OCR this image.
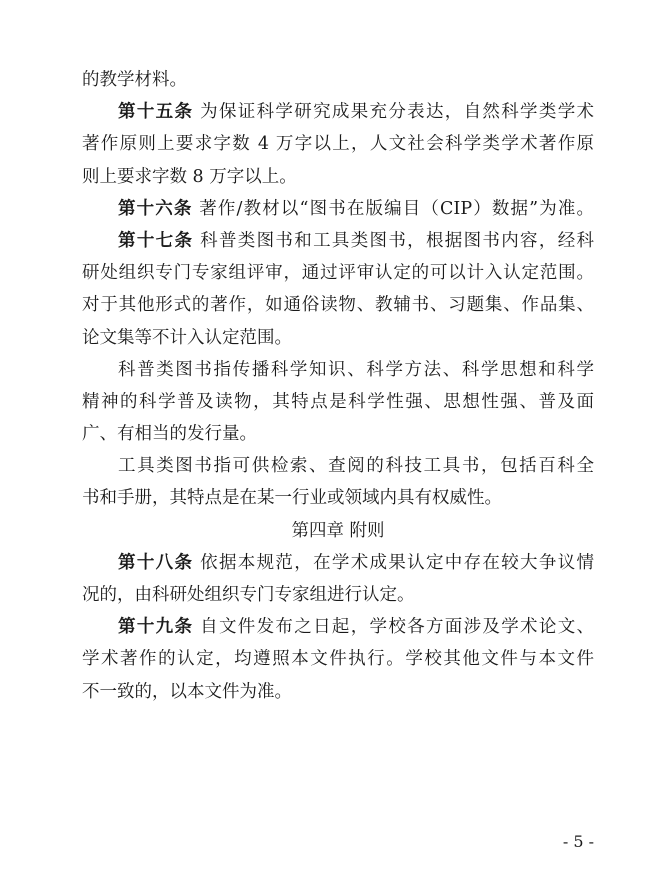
的教学材料。
第十五条 为保证科学研究成果充分表达，自然科学类学术
著作原则上要求字数 4 万字以上，人文社会科学类学术著作原
则上要求字数 8 万字以上。
第十六条 著作/教材以“图书在版编目（CIP）数据”为准。
第十七条 科普类图书和工具类图书，根据图书内容，经科
研处组织专门专家组评审，通过评审认定的可以计入认定范围。
对于其他形式的著作，如通俗读物、教辅书、习题集、作品集、
论文集等不计入认定范围。
科普类图书指传播科学知识、科学方法、科学思想和科学
精神的科学普及读物，其特点是科学性强、思想性强、普及面
广、有相当的发行量。
工具类图书指可供检索、查阅的科技工具书，包括百科全
书和手册，其特点是在某一行业或领域内具有权威性。
第四章 附则
第十八条 依据本规范，在学术成果认定中存在较大争议情
况的，由科研处组织专门专家组进行认定。
第十九条 自文件发布之日起，学校各方面涉及学术论文、
学术著作的认定，均遵照本文件执行。学校其他文件与本文件
不一致的，以本文件为准。
- 5 -
